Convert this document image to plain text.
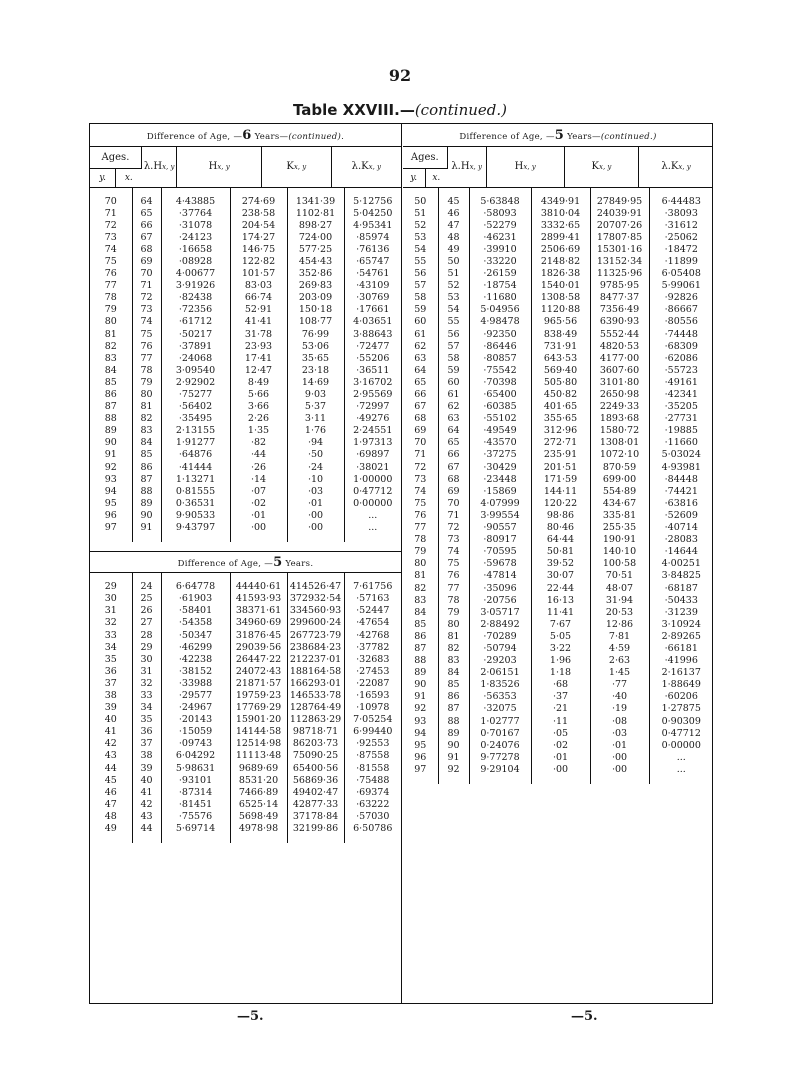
92
Table XXVIII.—(continued.)
Difference of Age, —6 Years—(continued).
Ages.		λ.Hx, y	Hx, y	Kx, y	λ.Kx, y
y.	x.				

70	64	4·43885	274·69	1341·39	5·12756
71	65	·37764	238·58	1102·81	5·04250
72	66	·31078	204·54	898·27	4·95341
73	67	·24123	174·27	724·00	·85974
74	68	·16658	146·75	577·25	·76136
75	69	·08928	122·82	454·43	·65747
76	70	4·00677	101·57	352·86	·54761
77	71	3·91926	83·03	269·83	·43109
78	72	·82438	66·74	203·09	·30769
79	73	·72356	52·91	150·18	·17661
80	74	·61712	41·41	108·77	4·03651
81	75	·50217	31·78	76·99	3·88643
82	76	·37891	23·93	53·06	·72477
83	77	·24068	17·41	35·65	·55206
84	78	3·09540	12·47	23·18	·36511
85	79	2·92902	8·49	14·69	3·16702
86	80	·75277	5·66	9·03	2·95569
87	81	·56402	3·66	5·37	·72997
88	82	·35495	2·26	3·11	·49276
89	83	2·13155	1·35	1·76	2·24551
90	84	1·91277	·82	·94	1·97313
91	85	·64876	·44	·50	·69897
92	86	·41444	·26	·24	·38021
93	87	1·13271	·14	·10	1·00000
94	88	0·81555	·07	·03	0·47712
95	89	0·36531	·02	·01	0·00000
96	90	9·90533	·01	·00	...
97	91	9·43797	·00	·00	...

Difference of Age, —5 Years.

29	24	6·64778	44440·61	414526·47	7·61756
30	25	·61903	41593·93	372932·54	·57163
31	26	·58401	38371·61	334560·93	·52447
32	27	·54358	34960·69	299600·24	·47654
33	28	·50347	31876·45	267723·79	·42768
34	29	·46299	29039·56	238684·23	·37782
35	30	·42238	26447·22	212237·01	·32683
36	31	·38152	24072·43	188164·58	·27453
37	32	·33988	21871·57	166293·01	·22087
38	33	·29577	19759·23	146533·78	·16593
39	34	·24967	17769·29	128764·49	·10978
40	35	·20143	15901·20	112863·29	7·05254
41	36	·15059	14144·58	98718·71	6·99440
42	37	·09743	12514·98	86203·73	·92553
43	38	6·04292	11113·48	75090·25	·87558
44	39	5·98631	9689·69	65400·56	·81558
45	40	·93101	8531·20	56869·36	·75488
46	41	·87314	7466·89	49402·47	·69374
47	42	·81451	6525·14	42877·33	·63222
48	43	·75576	5698·49	37178·84	·57030
49	44	5·69714	4978·98	32199·86	6·50786

Difference of Age, —5 Years—(continued.)
Ages.		λ.Hx, y	Hx, y	Kx, y	λ.Kx, y
y.	x.				

50	45	5·63848	4349·91	27849·95	6·44483
51	46	·58093	3810·04	24039·91	·38093
52	47	·52279	3332·65	20707·26	·31612
53	48	·46231	2899·41	17807·85	·25062
54	49	·39910	2506·69	15301·16	·18472
55	50	·33220	2148·82	13152·34	·11899
56	51	·26159	1826·38	11325·96	6·05408
57	52	·18754	1540·01	9785·95	5·99061
58	53	·11680	1308·58	8477·37	·92826
59	54	5·04956	1120·88	7356·49	·86667
60	55	4·98478	965·56	6390·93	·80556
61	56	·92350	838·49	5552·44	·74448
62	57	·86446	731·91	4820·53	·68309
63	58	·80857	643·53	4177·00	·62086
64	59	·75542	569·40	3607·60	·55723
65	60	·70398	505·80	3101·80	·49161
66	61	·65400	450·82	2650·98	·42341
67	62	·60385	401·65	2249·33	·35205
68	63	·55102	355·65	1893·68	·27731
69	64	·49549	312·96	1580·72	·19885
70	65	·43570	272·71	1308·01	·11660
71	66	·37275	235·91	1072·10	5·03024
72	67	·30429	201·51	870·59	4·93981
73	68	·23448	171·59	699·00	·84448
74	69	·15869	144·11	554·89	·74421
75	70	4·07999	120·22	434·67	·63816
76	71	3·99554	98·86	335·81	·52609
77	72	·90557	80·46	255·35	·40714
78	73	·80917	64·44	190·91	·28083
79	74	·70595	50·81	140·10	·14644
80	75	·59678	39·52	100·58	4·00251
81	76	·47814	30·07	70·51	3·84825
82	77	·35096	22·44	48·07	·68187
83	78	·20756	16·13	31·94	·50433
84	79	3·05717	11·41	20·53	·31239
85	80	2·88492	7·67	12·86	3·10924
86	81	·70289	5·05	7·81	2·89265
87	82	·50794	3·22	4·59	·66181
88	83	·29203	1·96	2·63	·41996
89	84	2·06151	1·18	1·45	2·16137
90	85	1·83526	·68	·77	1·88649
91	86	·56353	·37	·40	·60206
92	87	·32075	·21	·19	1·27875
93	88	1·02777	·11	·08	0·90309
94	89	0·70167	·05	·03	0·47712
95	90	0·24076	·02	·01	0·00000
96	91	9·77278	·01	·00	...
97	92	9·29104	·00	·00	...

—5.	—5.
